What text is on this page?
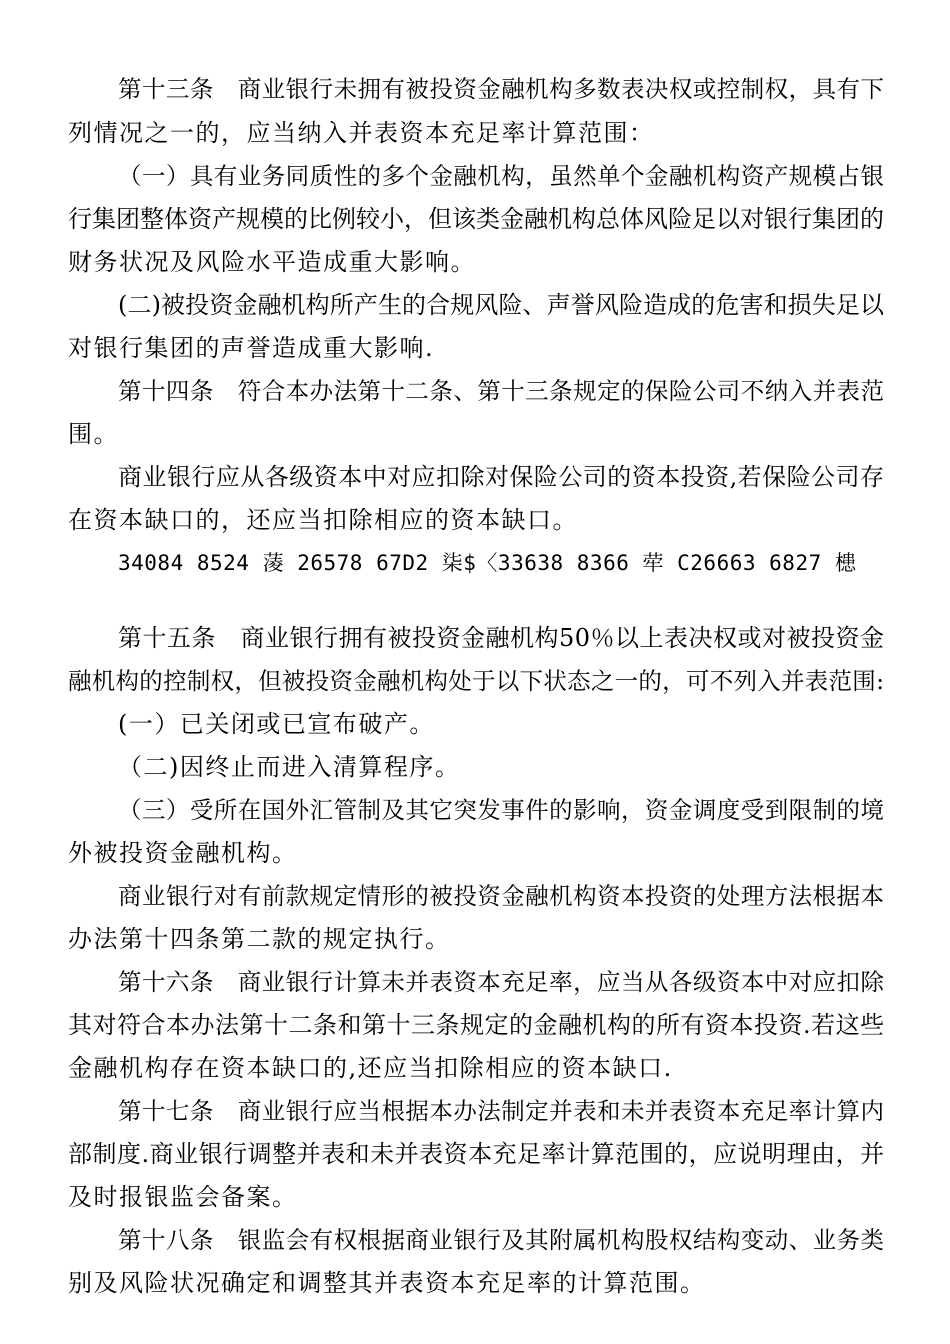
第十三条　商业银行未拥有被投资金融机构多数表决权或控制权，具有下
列情况之一的，应当纳入并表资本充足率计算范围：
（一）具有业务同质性的多个金融机构，虽然单个金融机构资产规模占银
行集团整体资产规模的比例较小，但该类金融机构总体风险足以对银行集团的
财务状况及风险水平造成重大影响。
(二)被投资金融机构所产生的合规风险、声誉风险造成的危害和损失足以
对银行集团的声誉造成重大影响.
第十四条　符合本办法第十二条、第十三条规定的保险公司不纳入并表范
围。
商业银行应从各级资本中对应扣除对保险公司的资本投资,若保险公司存
在资本缺口的，还应当扣除相应的资本缺口。
34084 8524 蓤 26578 67D2 柒$〈33638 8366 荦 C26663 6827 槵
第十五条　商业银行拥有被投资金融机构50％以上表决权或对被投资金
融机构的控制权，但被投资金融机构处于以下状态之一的，可不列入并表范围:
(一）已关闭或已宣布破产。
（二)因终止而进入清算程序。
（三）受所在国外汇管制及其它突发事件的影响，资金调度受到限制的境
外被投资金融机构。
商业银行对有前款规定情形的被投资金融机构资本投资的处理方法根据本
办法第十四条第二款的规定执行。
第十六条　商业银行计算未并表资本充足率，应当从各级资本中对应扣除
其对符合本办法第十二条和第十三条规定的金融机构的所有资本投资.若这些
金融机构存在资本缺口的,还应当扣除相应的资本缺口.
第十七条　商业银行应当根据本办法制定并表和未并表资本充足率计算内
部制度.商业银行调整并表和未并表资本充足率计算范围的，应说明理由，并
及时报银监会备案。
第十八条　银监会有权根据商业银行及其附属机构股权结构变动、业务类
别及风险状况确定和调整其并表资本充足率的计算范围。
